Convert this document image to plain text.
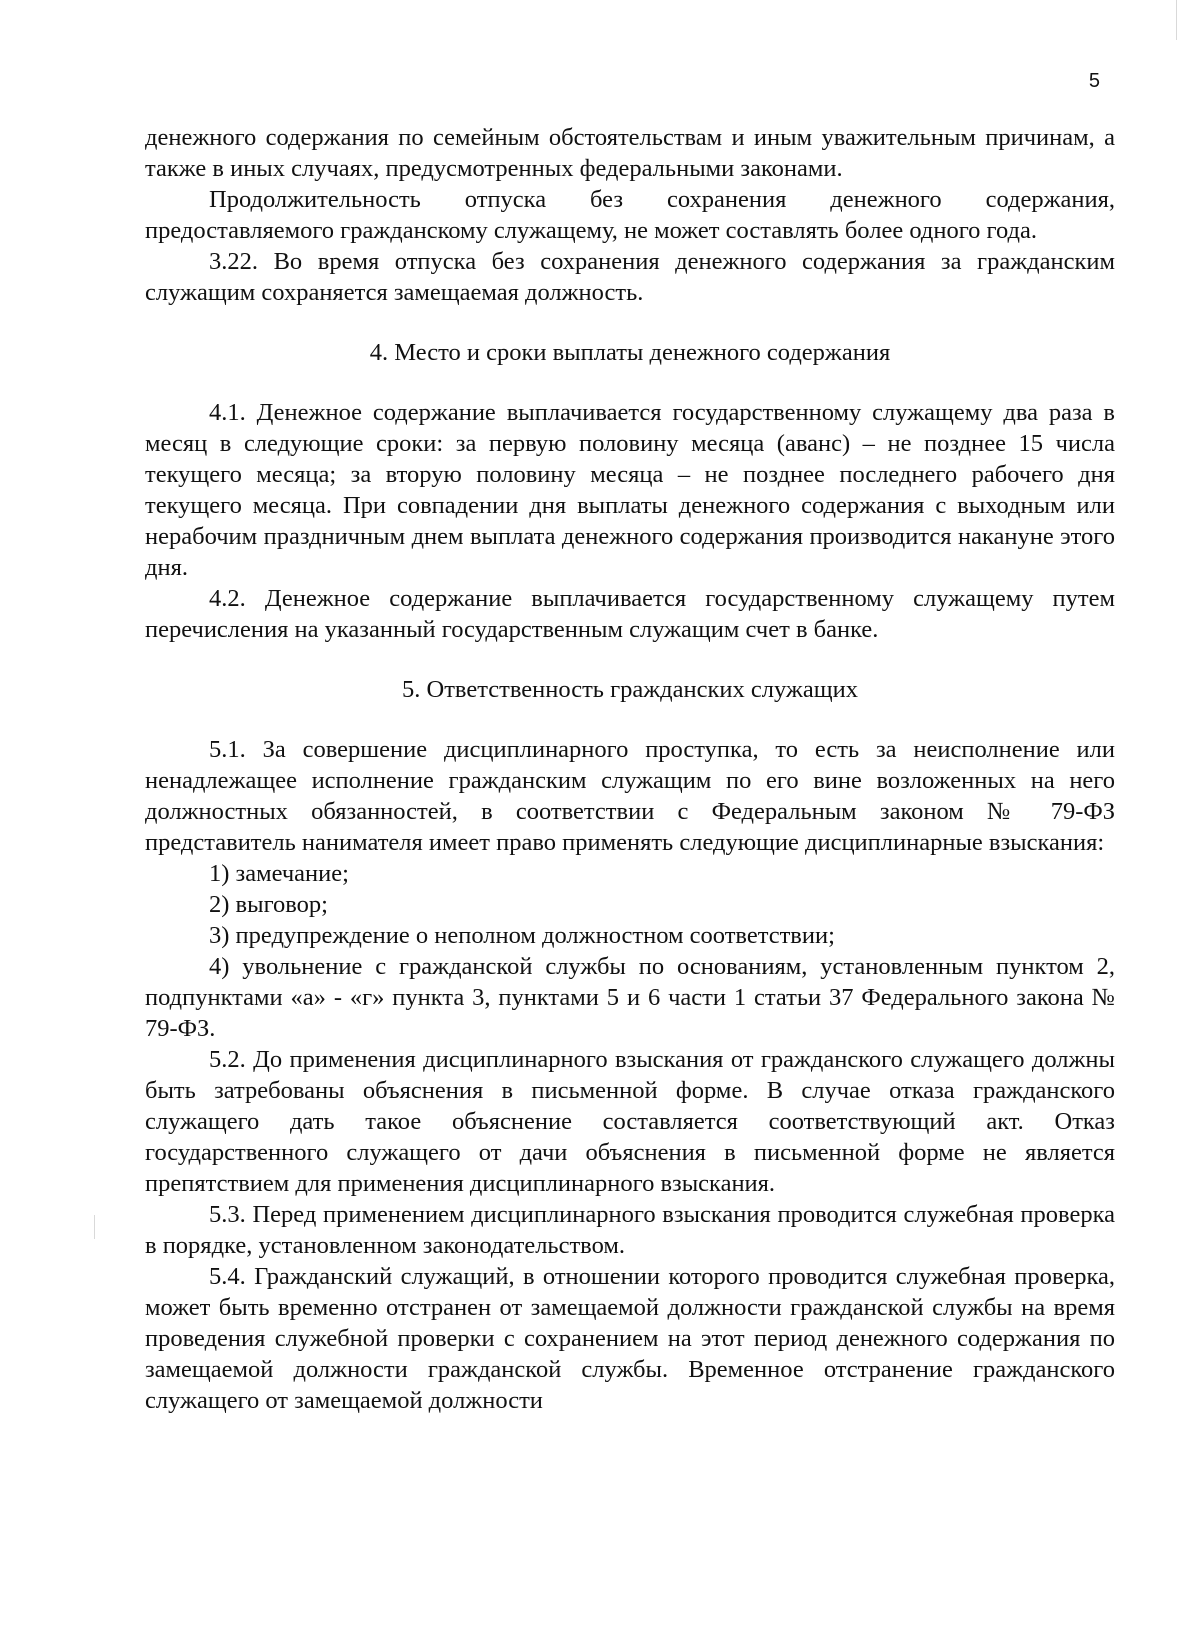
5

денежного содержания по семейным обстоятельствам и иным уважительным причинам, а также в иных случаях, предусмотренных федеральными законами.

Продолжительность отпуска без сохранения денежного содержания, предоставляемого гражданскому служащему, не может составлять более одного года.

3.22. Во время отпуска без сохранения денежного содержания за гражданским служащим сохраняется замещаемая должность.

4. Место и сроки выплаты денежного содержания

4.1. Денежное содержание выплачивается государственному служащему два раза в месяц в следующие сроки: за первую половину месяца (аванс) – не позднее 15 числа текущего месяца; за вторую половину месяца – не позднее последнего рабочего дня текущего месяца. При совпадении дня выплаты денежного содержания с выходным или нерабочим праздничным днем выплата денежного содержания производится накануне этого дня.

4.2. Денежное содержание выплачивается государственному служащему путем перечисления на указанный государственным служащим счет в банке.

5. Ответственность гражданских служащих

5.1. За совершение дисциплинарного проступка, то есть за неисполнение или ненадлежащее исполнение гражданским служащим по его вине возложенных на него должностных обязанностей, в соответствии с Федеральным законом № 79-ФЗ представитель нанимателя имеет право применять следующие дисциплинарные взыскания:

1) замечание;

2) выговор;

3) предупреждение о неполном должностном соответствии;

4) увольнение с гражданской службы по основаниям, установленным пунктом 2, подпунктами «а» - «г» пункта 3, пунктами 5 и 6 части 1 статьи 37 Федерального закона № 79-ФЗ.

5.2. До применения дисциплинарного взыскания от гражданского служащего должны быть затребованы объяснения в письменной форме. В случае отказа гражданского служащего дать такое объяснение составляется соответствующий акт. Отказ государственного служащего от дачи объяснения в письменной форме не является препятствием для применения дисциплинарного взыскания.

5.3. Перед применением дисциплинарного взыскания проводится служебная проверка в порядке, установленном законодательством.

5.4. Гражданский служащий, в отношении которого проводится служебная проверка, может быть временно отстранен от замещаемой должности гражданской службы на время проведения служебной проверки с сохранением на этот период денежного содержания по замещаемой должности гражданской службы. Временное отстранение гражданского служащего от замещаемой должности
